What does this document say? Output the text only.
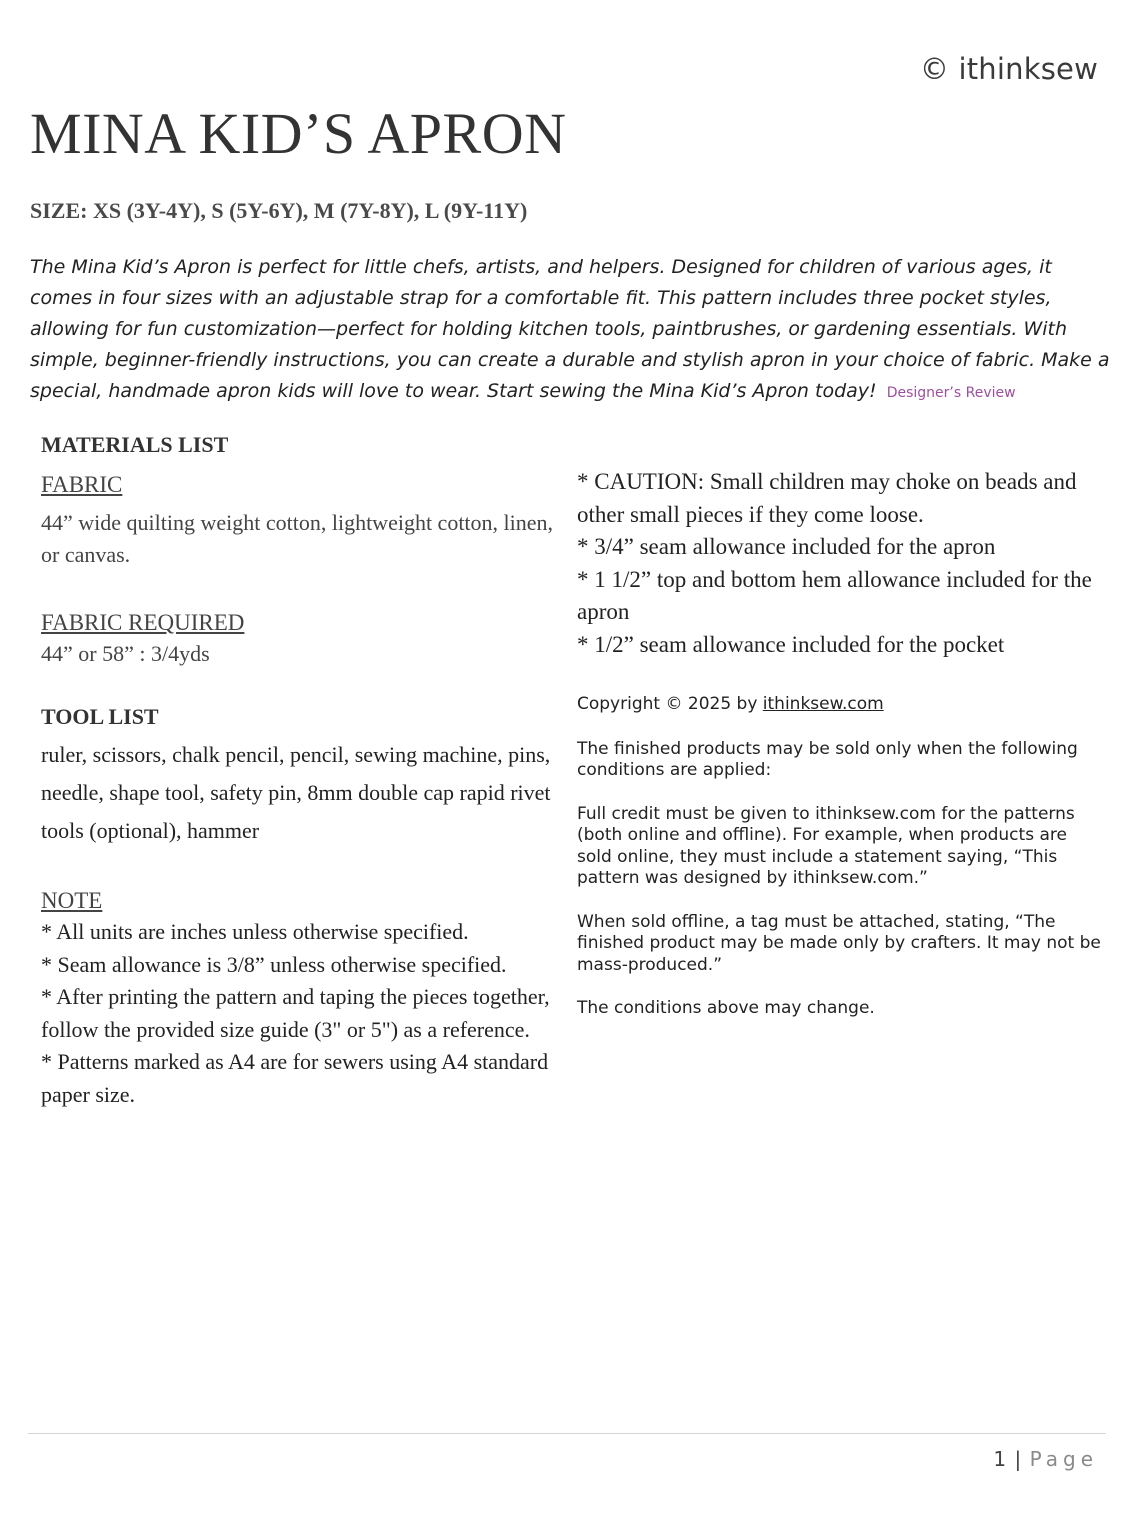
© ithinksew
MINA KID’S APRON
SIZE: XS (3Y-4Y), S (5Y-6Y), M (7Y-8Y), L (9Y-11Y)
The Mina Kid’s Apron is perfect for little chefs, artists, and helpers. Designed for children of various ages, it comes in four sizes with an adjustable strap for a comfortable fit. This pattern includes three pocket styles, allowing for fun customization—perfect for holding kitchen tools, paintbrushes, or gardening essentials. With simple, beginner-friendly instructions, you can create a durable and stylish apron in your choice of fabric. Make a special, handmade apron kids will love to wear. Start sewing the Mina Kid’s Apron today! Designer’s Review
MATERIALS LIST
FABRIC

44” wide quilting weight cotton, lightweight cotton, linen, or canvas.

FABRIC REQUIRED

44” or 58” : 3/4yds

TOOL LIST

ruler, scissors, chalk pencil, pencil, sewing machine, pins, needle, shape tool, safety pin, 8mm double cap rapid rivet tools (optional), hammer

NOTE

* All units are inches unless otherwise specified.

* Seam allowance is 3/8” unless otherwise specified.

* After printing the pattern and taping the pieces together, follow the provided size guide (3" or 5") as a reference.

* Patterns marked as A4 are for sewers using A4 standard paper size.

* CAUTION: Small children may choke on beads and other small pieces if they come loose.

* 3/4” seam allowance included for the apron

* 1 1/2” top and bottom hem allowance included for the apron

* 1/2” seam allowance included for the pocket

Copyright © 2025 by ithinksew.com

The finished products may be sold only when the following conditions are applied:

Full credit must be given to ithinksew.com for the patterns (both online and offline). For example, when products are sold online, they must include a statement saying, “This pattern was designed by ithinksew.com.”

When sold offline, a tag must be attached, stating, “The finished product may be made only by crafters. It may not be mass-produced.”

The conditions above may change.

1 | Page
